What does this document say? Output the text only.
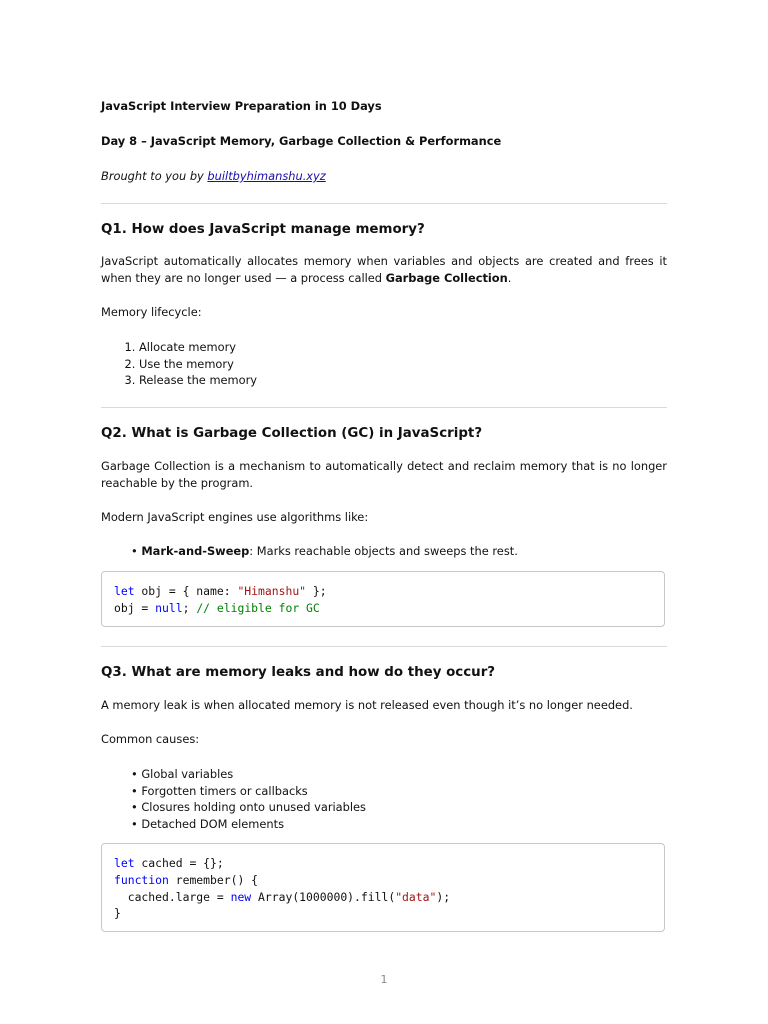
JavaScript Interview Preparation in 10 Days
Day 8 – JavaScript Memory, Garbage Collection & Performance
Brought to you by builtbyhimanshu.xyz
Q1. How does JavaScript manage memory?
JavaScript automatically allocates memory when variables and objects are created and frees it when they are no longer used — a process called Garbage Collection.
Memory lifecycle:
1. Allocate memory
2. Use the memory
3. Release the memory
Q2. What is Garbage Collection (GC) in JavaScript?
Garbage Collection is a mechanism to automatically detect and reclaim memory that is no longer reachable by the program.
Modern JavaScript engines use algorithms like:
• Mark-and-Sweep: Marks reachable objects and sweeps the rest.
let obj = { name: "Himanshu" };
obj = null; // eligible for GC
Q3. What are memory leaks and how do they occur?
A memory leak is when allocated memory is not released even though it’s no longer needed.
Common causes:
• Global variables
• Forgotten timers or callbacks
• Closures holding onto unused variables
• Detached DOM elements
let cached = {};
function remember() {
cached.large = new Array(1000000).fill("data");
}
1
